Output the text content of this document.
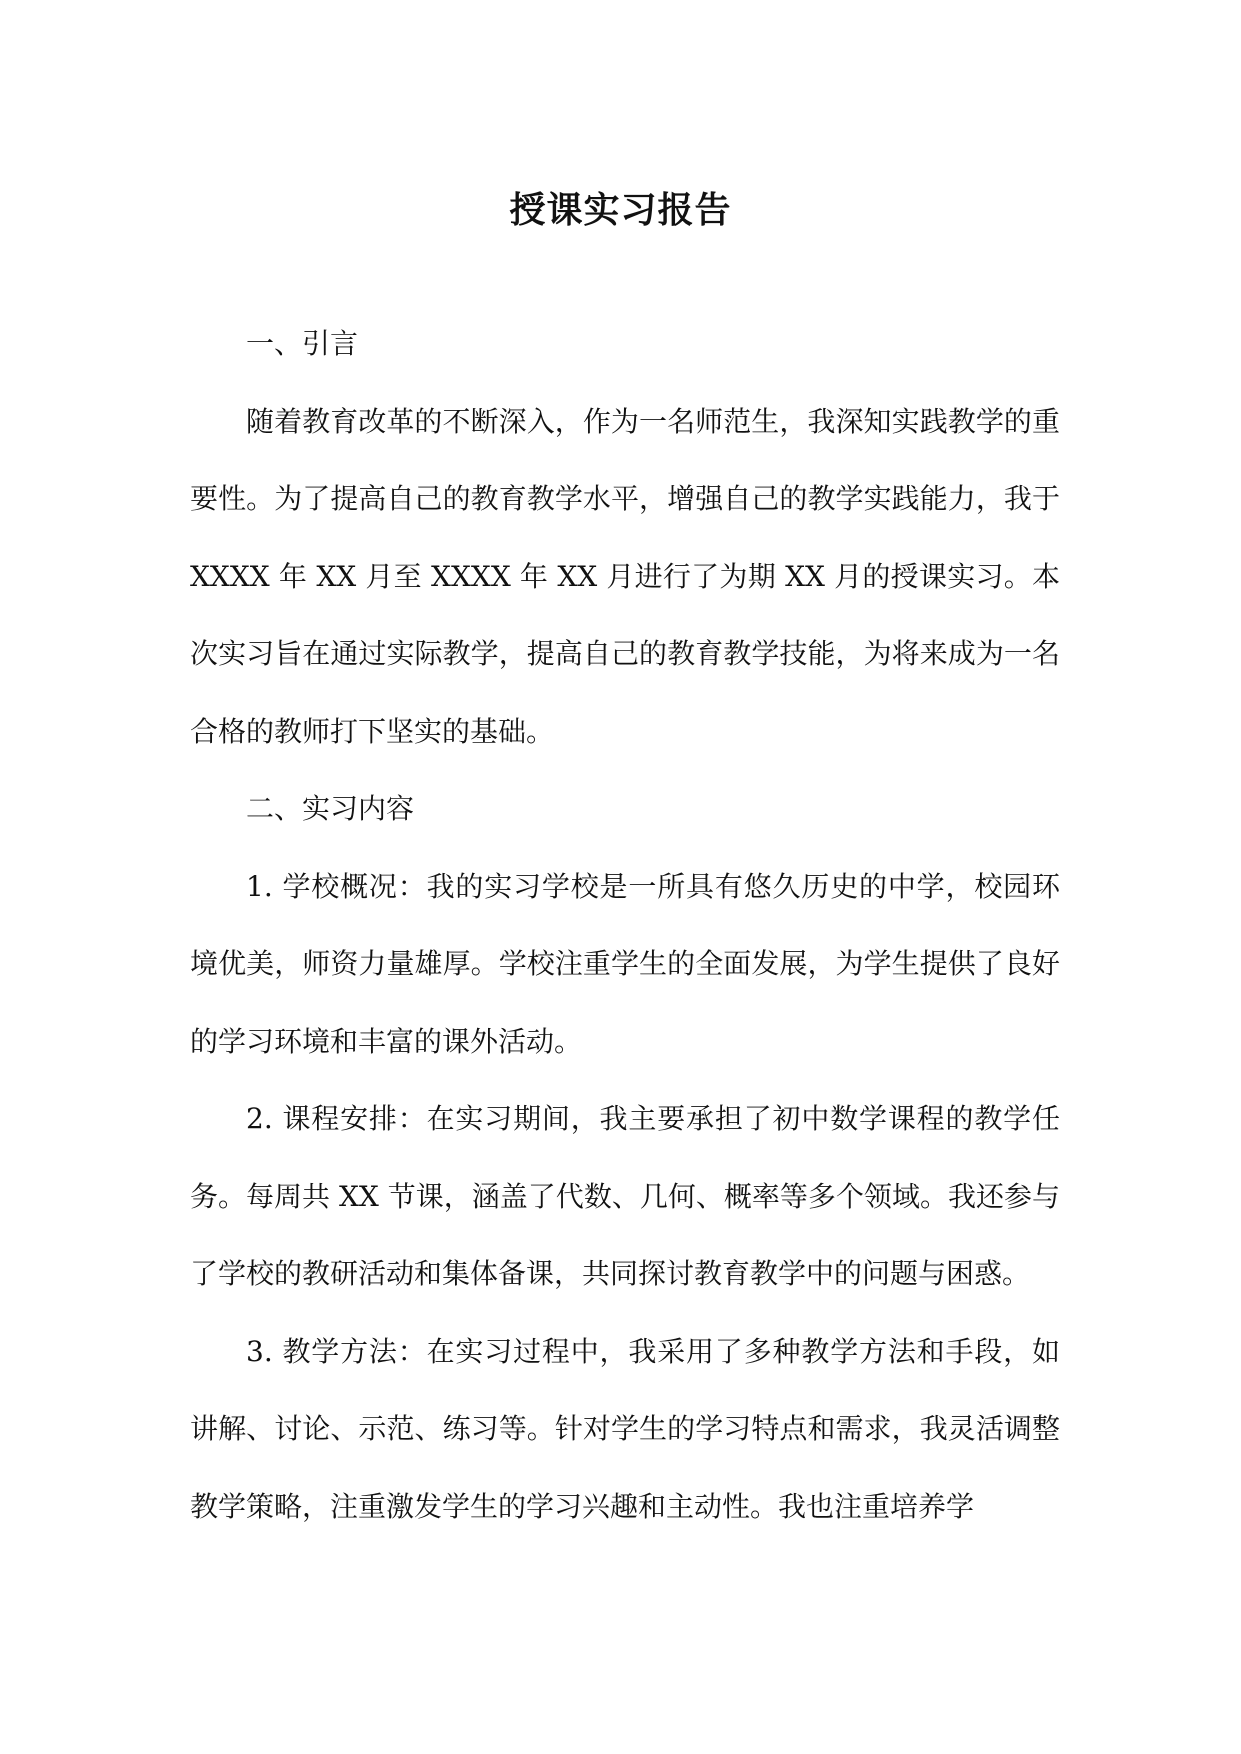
授课实习报告

一、引言

随着教育改革的不断深入，作为一名师范生，我深知实践教学的重要性。为了提高自己的教育教学水平，增强自己的教学实践能力，我于 XXXX 年 XX 月至 XXXX 年 XX 月进行了为期 XX 月的授课实习。本次实习旨在通过实际教学，提高自己的教育教学技能，为将来成为一名合格的教师打下坚实的基础。

二、实习内容

1. 学校概况：我的实习学校是一所具有悠久历史的中学，校园环境优美，师资力量雄厚。学校注重学生的全面发展，为学生提供了良好的学习环境和丰富的课外活动。

2. 课程安排：在实习期间，我主要承担了初中数学课程的教学任务。每周共 XX 节课，涵盖了代数、几何、概率等多个领域。我还参与了学校的教研活动和集体备课，共同探讨教育教学中的问题与困惑。

3. 教学方法：在实习过程中，我采用了多种教学方法和手段，如讲解、讨论、示范、练习等。针对学生的学习特点和需求，我灵活调整教学策略，注重激发学生的学习兴趣和主动性。我也注重培养学
